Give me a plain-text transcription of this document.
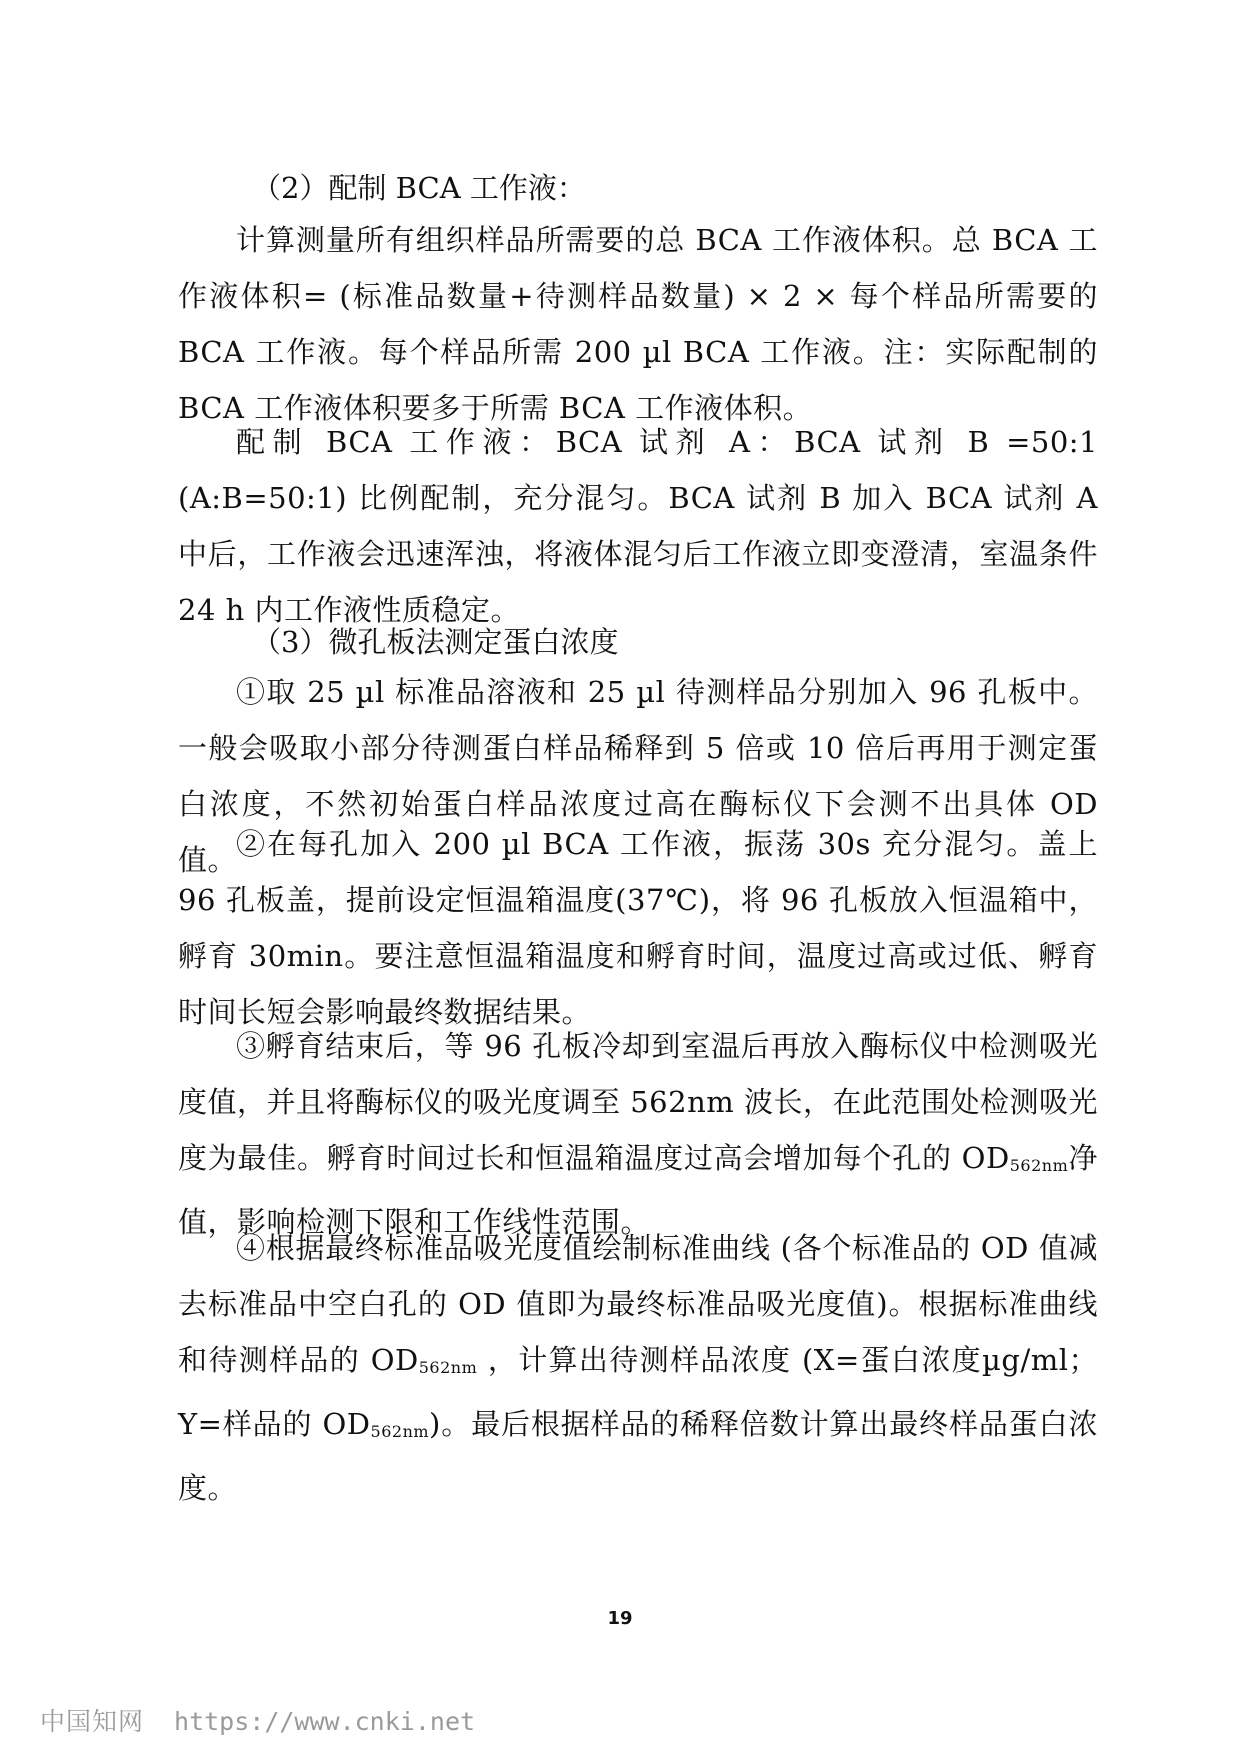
（2）配制 BCA 工作液：

计算测量所有组织样品所需要的总 BCA 工作液体积。总 BCA 工作液体积= (标准品数量+待测样品数量) × 2 × 每个样品所需要的 BCA 工作液。每个样品所需 200 µl BCA 工作液。注：实际配制的 BCA 工作液体积要多于所需 BCA 工作液体积。

配制 BCA 工作液：BCA 试剂 A：BCA 试剂 B =50:1 (A:B=50:1) 比例配制，充分混匀。BCA 试剂 B 加入 BCA 试剂 A 中后，工作液会迅速浑浊，将液体混匀后工作液立即变澄清，室温条件 24 h 内工作液性质稳定。

（3）微孔板法测定蛋白浓度

①取 25 µl 标准品溶液和 25 µl 待测样品分别加入 96 孔板中。一般会吸取小部分待测蛋白样品稀释到 5 倍或 10 倍后再用于测定蛋白浓度，不然初始蛋白样品浓度过高在酶标仪下会测不出具体 OD 值。

②在每孔加入 200 µl BCA 工作液，振荡 30s 充分混匀。盖上 96 孔板盖，提前设定恒温箱温度(37℃)，将 96 孔板放入恒温箱中，孵育 30min。要注意恒温箱温度和孵育时间，温度过高或过低、孵育时间长短会影响最终数据结果。

③孵育结束后，等 96 孔板冷却到室温后再放入酶标仪中检测吸光度值，并且将酶标仪的吸光度调至 562nm 波长，在此范围处检测吸光度为最佳。孵育时间过长和恒温箱温度过高会增加每个孔的 $OD_{562nm}$净值，影响检测下限和工作线性范围。

④根据最终标准品吸光度值绘制标准曲线 (各个标准品的 OD 值减去标准品中空白孔的 OD 值即为最终标准品吸光度值)。根据标准曲线和待测样品的 $OD_{562nm}$ ，计算出待测样品浓度 (X=蛋白浓度µg/ml；Y=样品的 $OD_{562nm}$)。最后根据样品的稀释倍数计算出最终样品蛋白浓度。

19
中国知网 https://www.cnki.net
